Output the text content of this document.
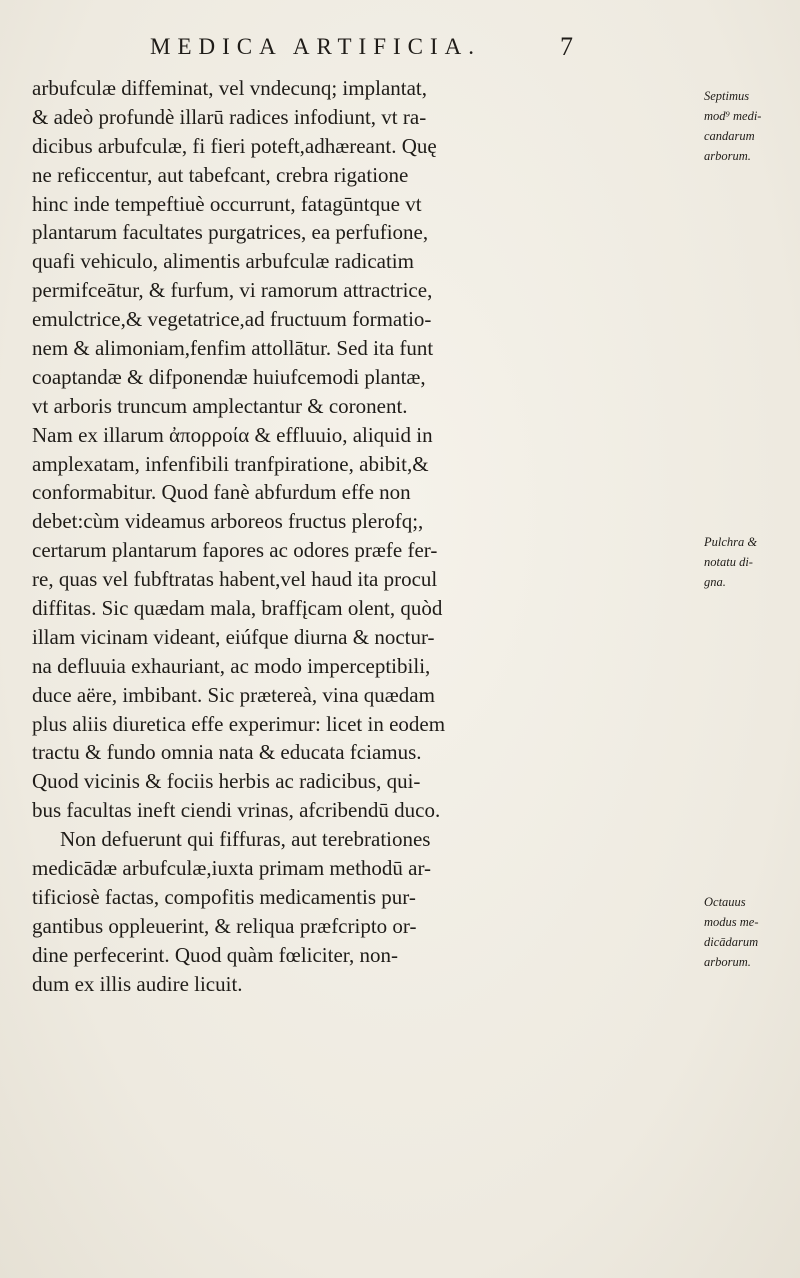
MEDICA ARTIFICIA.	7
arbufculæ diffeminat, vel vndecunq; implantat,
& adeò profundè illarū radices infodiunt, vt ra-
dicibus arbufculæ, fi fieri poteft,adhæreant. Quę
ne reficcentur, aut tabefcant, crebra rigatione
hinc inde tempeftiuè occurrunt, fatagūntque vt
plantarum facultates purgatrices, ea perfufione,
quafi vehiculo, alimentis arbufculæ radicatim
permifceātur, & furfum, vi ramorum attractrice,
emulctrice,& vegetatrice,ad fructuum formatio-
nem & alimoniam,fenfim attollātur. Sed ita funt
coaptandæ & difponendæ huiufcemodi plantæ,
vt arboris truncum amplectantur & coronent.
Nam ex illarum ἀπορροία & effluuio, aliquid in
amplexatam, infenfibili tranfpiratione, abibit,&
conformabitur. Quod fanè abfurdum effe non
debet:cùm videamus arboreos fructus plerofq;,
certarum plantarum fapores ac odores præfe fer-
re, quas vel fubftratas habent,vel haud ita procul
diffitas. Sic quædam mala, braffįcam olent, quòd
illam vicinam videant, eiúfque diurna & noctur-
na defluuia exhauriant, ac modo imperceptibili,
duce aëre, imbibant. Sic prætereà, vina quædam
plus aliis diuretica effe experimur: licet in eodem
tractu & fundo omnia nata & educata fciamus.
Quod vicinis & fociis herbis ac radicibus, qui-
bus facultas ineft ciendi vrinas, afcribendū duco.
Non defuerunt qui fiffuras, aut terebrationes
medicādæ arbufculæ,iuxta primam methodū ar-
tificiosè factas, compofitis medicamentis pur-
gantibus oppleuerint, & reliqua præfcripto or-
dine perfecerint. Quod quàm fœliciter, non-
dum ex illis audire licuit.
Septimus
mod⁹ medi-
candarum
arborum.
Pulchra &
notatu di-
gna.
Octauus
modus me-
dicādarum
arborum.
